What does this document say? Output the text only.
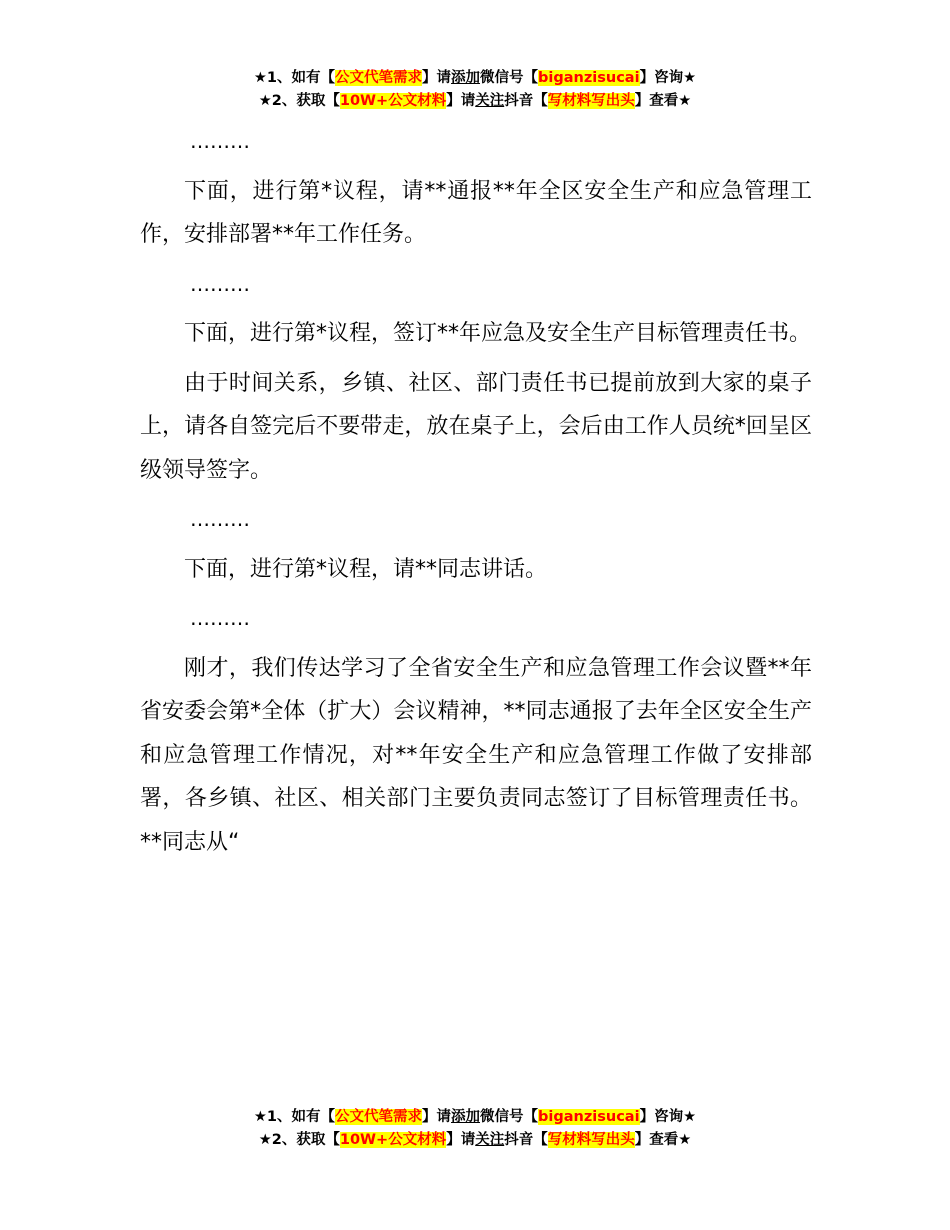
★1、如有【公文代笔需求】请添加微信号【biganzisucai】咨询★
★2、获取【10W+公文材料】请关注抖音【写材料写出头】查看★

………

下面，进行第*议程，请**通报**年全区安全生产和应急管理工作，安排部署**年工作任务。

………

下面，进行第*议程，签订**年应急及安全生产目标管理责任书。

由于时间关系，乡镇、社区、部门责任书已提前放到大家的桌子上，请各自签完后不要带走，放在桌子上，会后由工作人员统*回呈区级领导签字。

………

下面，进行第*议程，请**同志讲话。

………

刚才，我们传达学习了全省安全生产和应急管理工作会议暨**年省安委会第*全体（扩大）会议精神，**同志通报了去年全区安全生产和应急管理工作情况，对**年安全生产和应急管理工作做了安排部署，各乡镇、社区、相关部门主要负责同志签订了目标管理责任书。**同志从“

★1、如有【公文代笔需求】请添加微信号【biganzisucai】咨询★
★2、获取【10W+公文材料】请关注抖音【写材料写出头】查看★
